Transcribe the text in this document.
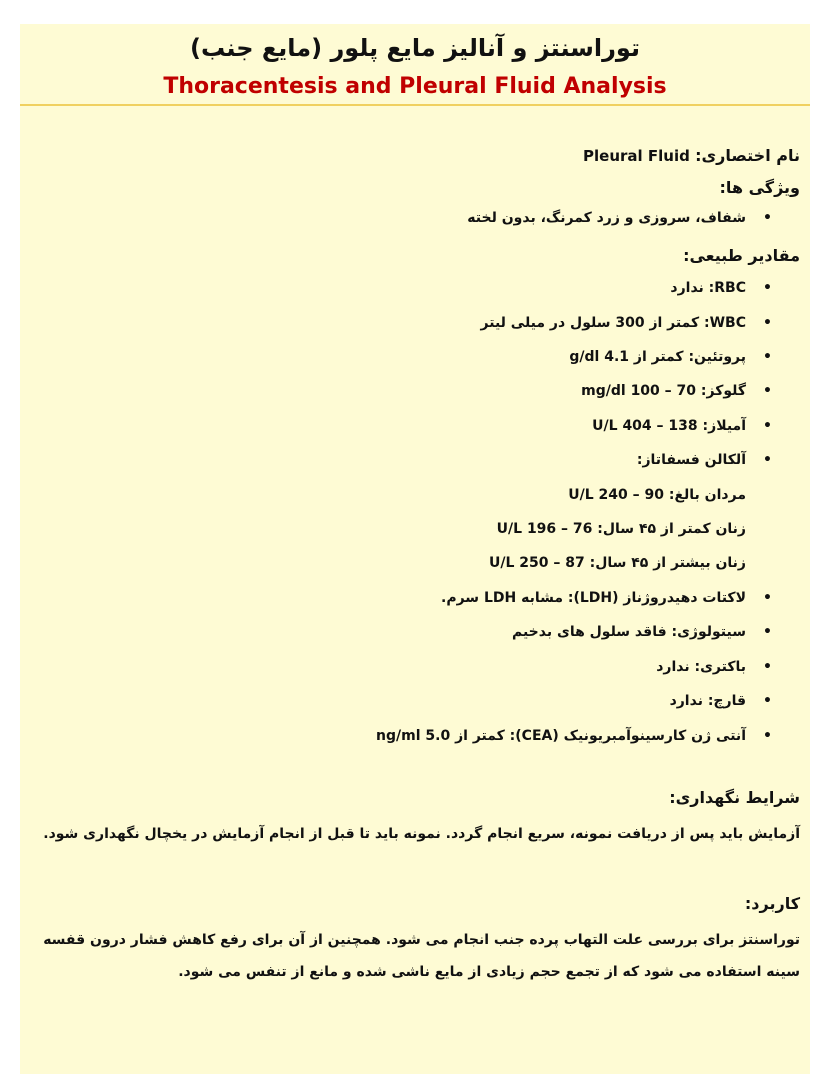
توراسنتز و آنالیز مایع پلور (مایع جنب)
Thoracentesis and Pleural Fluid Analysis
نام اختصاری: Pleural Fluid
ویژگی ها:
•
شفاف، سروزی و زرد کمرنگ، بدون لخته
مقادیر طبیعی:
•
RBC: ندارد
•
WBC: کمتر از 300 سلول در میلی لیتر
•
پروتئین: کمتر از 4.1 g/dl
•
گلوکز: 70 – 100 mg/dl
•
آمیلاز: 138 – 404 U/L
•
آلکالن فسفاتاز:
مردان بالغ: 90 – 240 U/L
زنان کمتر از ۴۵ سال: 76 – 196 U/L
زنان بیشتر از ۴۵ سال: 87 – 250 U/L
•
لاکتات دهیدروژناز (LDH): مشابه LDH سرم.
•
سیتولوژی: فاقد سلول های بدخیم
•
باکتری: ندارد
•
قارچ: ندارد
•
آنتی ژن کارسینوآمبریونیک (CEA): کمتر از 5.0 ng/ml
شرایط نگهداری:
آزمایش باید پس از دریافت نمونه، سریع انجام گردد. نمونه باید تا قبل از انجام آزمایش در یخچال نگهداری شود.
کاربرد:
توراسنتز برای بررسی علت التهاب پرده جنب انجام می شود. همچنین از آن برای رفع کاهش فشار درون قفسه سینه استفاده می شود که از تجمع حجم زیادی از مایع ناشی شده و مانع از تنفس می شود.
